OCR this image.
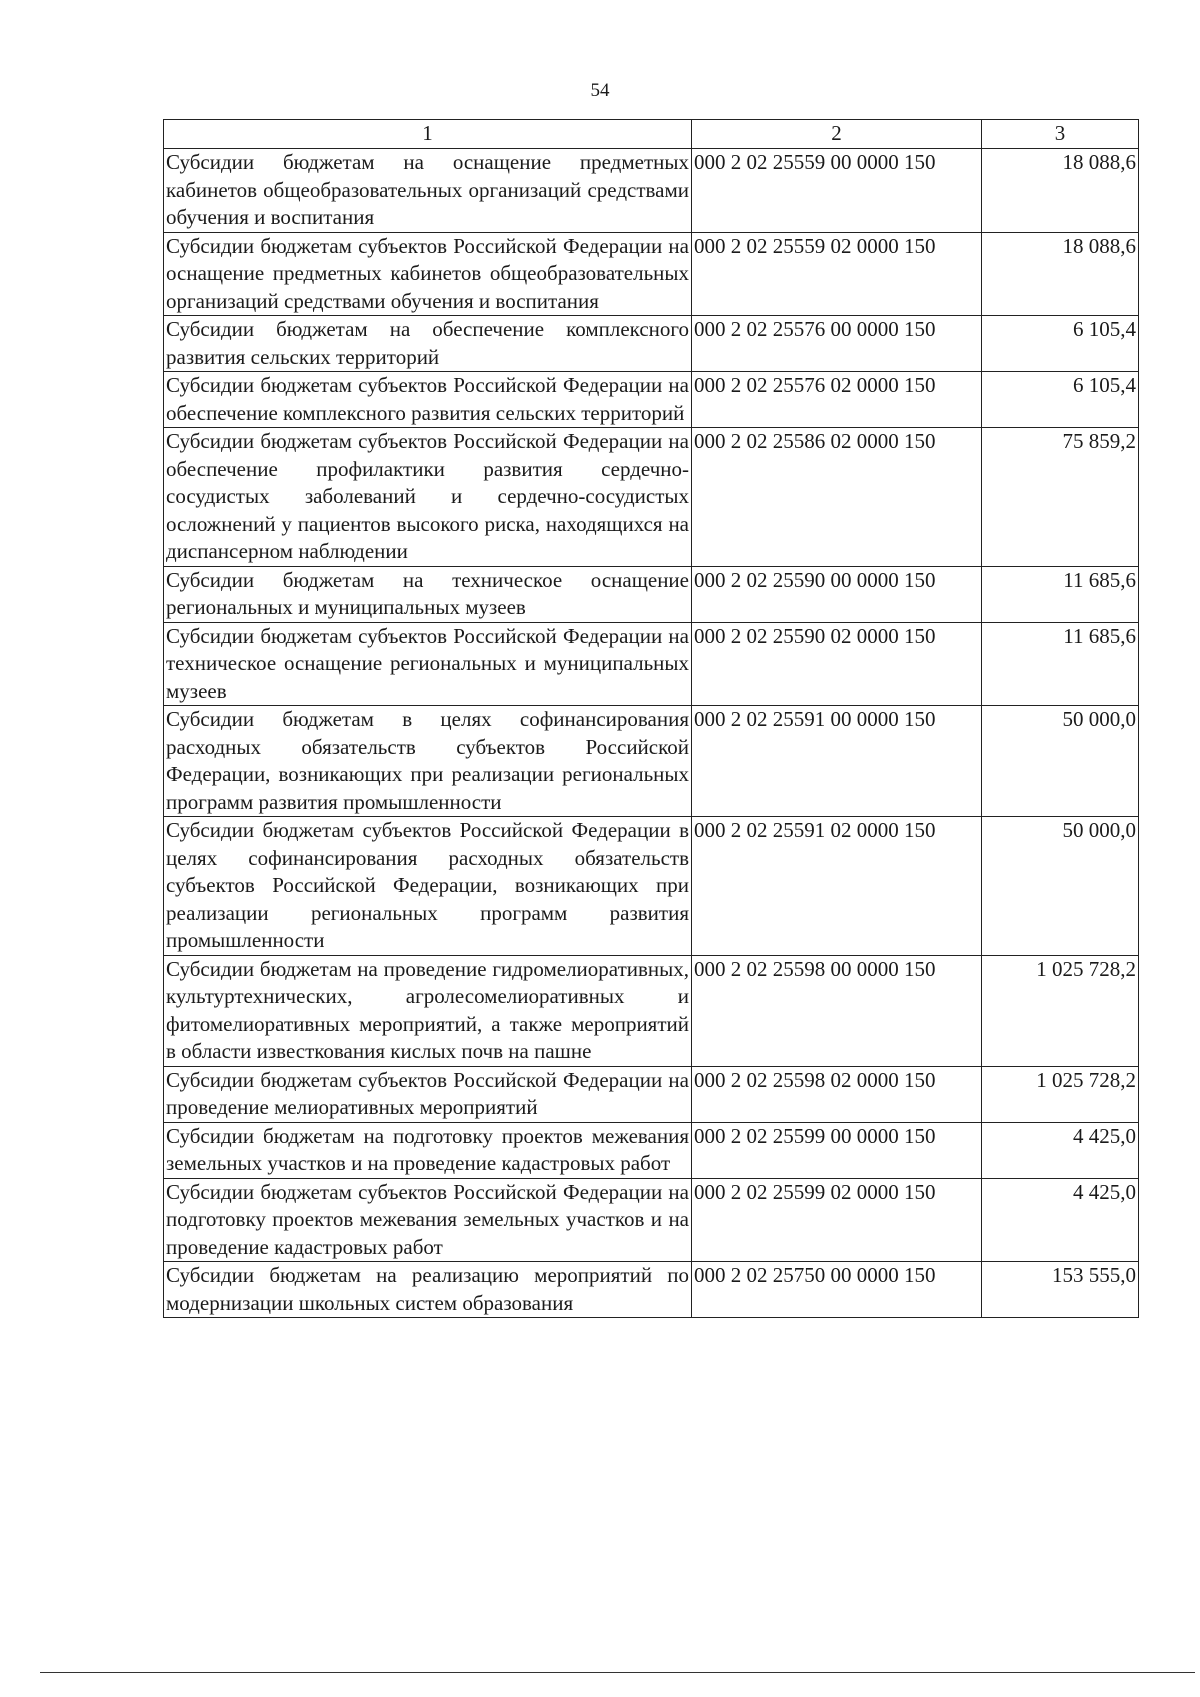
54
1	2	3
Субсидии бюджетам на оснащение предметных кабинетов общеобразовательных организаций средствами обучения и воспитания	000 2 02 25559 00 0000 150	18 088,6
Субсидии бюджетам субъектов Российской Федерации на оснащение предметных кабинетов общеобразовательных организаций средствами обучения и воспитания	000 2 02 25559 02 0000 150	18 088,6
Субсидии бюджетам на обеспечение комплексного развития сельских территорий	000 2 02 25576 00 0000 150	6 105,4
Субсидии бюджетам субъектов Российской Федерации на обеспечение комплексного развития сельских территорий	000 2 02 25576 02 0000 150	6 105,4
Субсидии бюджетам субъектов Российской Федерации на обеспечение профилактики развития сердечно-сосудистых заболеваний и сердечно-сосудистых осложнений у пациентов высокого риска, находящихся на диспансерном наблюдении	000 2 02 25586 02 0000 150	75 859,2
Субсидии бюджетам на техническое оснащение региональных и муниципальных музеев	000 2 02 25590 00 0000 150	11 685,6
Субсидии бюджетам субъектов Российской Федерации на техническое оснащение региональных и муниципальных музеев	000 2 02 25590 02 0000 150	11 685,6
Субсидии бюджетам в целях софинансирования расходных обязательств субъектов Российской Федерации, возникающих при реализации региональных программ развития промышленности	000 2 02 25591 00 0000 150	50 000,0
Субсидии бюджетам субъектов Российской Федерации в целях софинансирования расходных обязательств субъектов Российской Федерации, возникающих при реализации региональных программ развития промышленности	000 2 02 25591 02 0000 150	50 000,0
Субсидии бюджетам на проведение гидромелиоративных, культуртехнических, агролесомелиоративных и фитомелиоративных мероприятий, а также мероприятий в области известкования кислых почв на пашне	000 2 02 25598 00 0000 150	1 025 728,2
Субсидии бюджетам субъектов Российской Федерации на проведение мелиоративных мероприятий	000 2 02 25598 02 0000 150	1 025 728,2
Субсидии бюджетам на подготовку проектов межевания земельных участков и на проведение кадастровых работ	000 2 02 25599 00 0000 150	4 425,0
Субсидии бюджетам субъектов Российской Федерации на подготовку проектов межевания земельных участков и на проведение кадастровых работ	000 2 02 25599 02 0000 150	4 425,0
Субсидии бюджетам на реализацию мероприятий по модернизации школьных систем образования	000 2 02 25750 00 0000 150	153 555,0
